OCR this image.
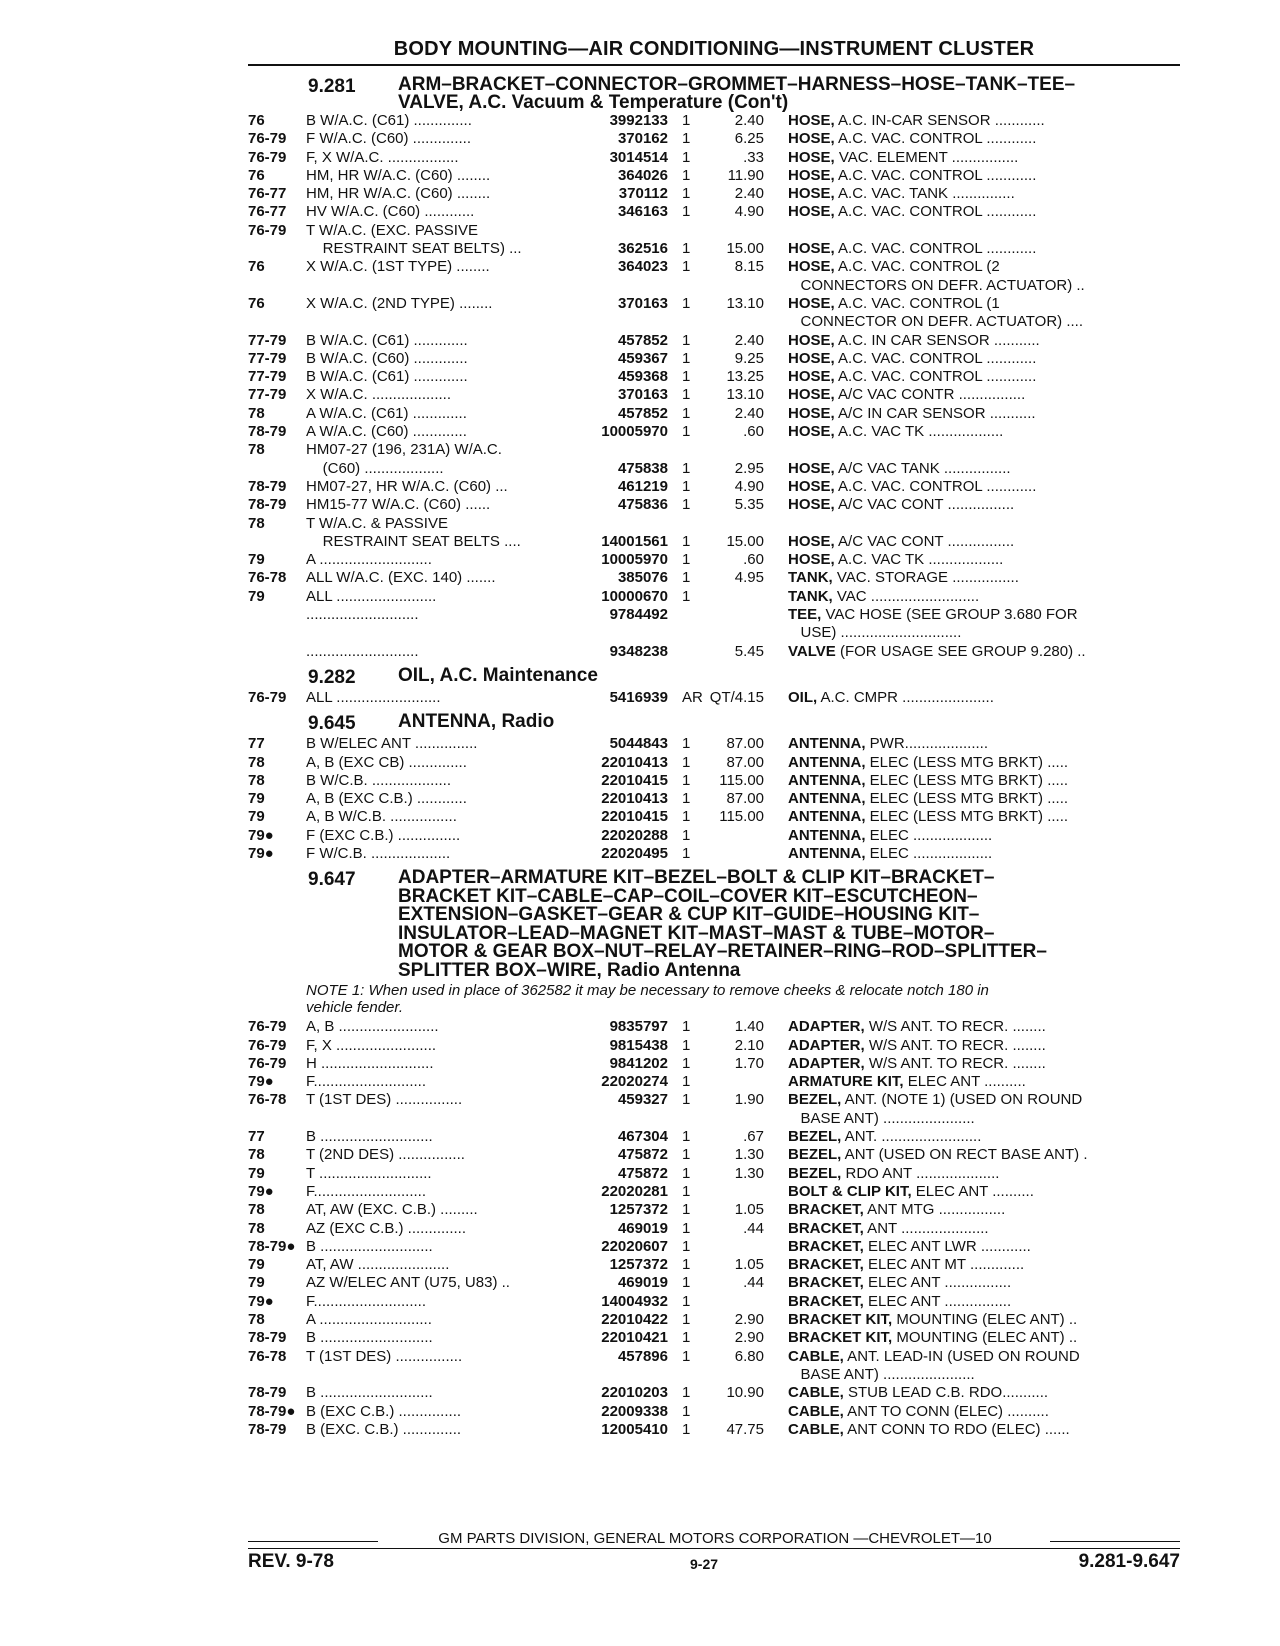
BODY MOUNTING—AIR CONDITIONING—INSTRUMENT CLUSTER
9.281	ARM–BRACKET–CONNECTOR–GROMMET–HARNESS–HOSE–TANK–TEE–
VALVE, A.C. Vacuum & Temperature (Con't)
76	B W/A.C. (C61) ..............	3992133 1	2.40	HOSE, A.C. IN-CAR SENSOR ............
76-79	F W/A.C. (C60) ..............	370162 1	6.25	HOSE, A.C. VAC. CONTROL ............
76-79	F, X W/A.C. .................	3014514 1	.33	HOSE, VAC. ELEMENT ................
76	HM, HR W/A.C. (C60) ........	364026 1	11.90	HOSE, A.C. VAC. CONTROL ............
76-77	HM, HR W/A.C. (C60) ........	370112 1	2.40	HOSE, A.C. VAC. TANK ...............
76-77	HV W/A.C. (C60) ............	346163 1	4.90	HOSE, A.C. VAC. CONTROL ............
76-79	T W/A.C. (EXC. PASSIVE
RESTRAINT SEAT BELTS) ...	362516 1	15.00	HOSE, A.C. VAC. CONTROL ............
76	X W/A.C. (1ST TYPE) ........	364023 1	8.15	HOSE, A.C. VAC. CONTROL (2
CONNECTORS ON DEFR. ACTUATOR) ..
76	X W/A.C. (2ND TYPE) ........	370163 1	13.10	HOSE, A.C. VAC. CONTROL (1
CONNECTOR ON DEFR. ACTUATOR) ....
77-79	B W/A.C. (C61) .............	457852 1	2.40	HOSE, A.C. IN CAR SENSOR ...........
77-79	B W/A.C. (C60) .............	459367 1	9.25	HOSE, A.C. VAC. CONTROL ............
77-79	B W/A.C. (C61) .............	459368 1	13.25	HOSE, A.C. VAC. CONTROL ............
77-79	X W/A.C. ...................	370163 1	13.10	HOSE, A/C VAC CONTR ................
78	A W/A.C. (C61) .............	457852 1	2.40	HOSE, A/C IN CAR SENSOR ...........
78-79	A W/A.C. (C60) .............	10005970 1	.60	HOSE, A.C. VAC TK ..................
78	HM07-27 (196, 231A) W/A.C.
(C60) ...................	475838 1	2.95	HOSE, A/C VAC TANK ................
78-79	HM07-27, HR W/A.C. (C60) ...	461219 1	4.90	HOSE, A.C. VAC. CONTROL ............
78-79	HM15-77 W/A.C. (C60) ......	475836 1	5.35	HOSE, A/C VAC CONT ................
78	T W/A.C. & PASSIVE
RESTRAINT SEAT BELTS ....	14001561 1	15.00	HOSE, A/C VAC CONT ................
79	A ...........................	10005970 1	.60	HOSE, A.C. VAC TK ..................
76-78	ALL W/A.C. (EXC. 140) .......	385076 1	4.95	TANK, VAC. STORAGE ................
79	ALL ........................	10000670 1	TANK, VAC ..........................
...........................	9784492	TEE, VAC HOSE (SEE GROUP 3.680 FOR
USE) .............................
...........................	9348238	5.45	VALVE (FOR USAGE SEE GROUP 9.280) ..
9.282	OIL, A.C. Maintenance
76-79	ALL .........................	5416939 AR QT/4.15	OIL, A.C. CMPR ......................
9.645	ANTENNA, Radio
77	B W/ELEC ANT ...............	5044843 1	87.00	ANTENNA, PWR....................
78	A, B (EXC CB) ..............	22010413 1	87.00	ANTENNA, ELEC (LESS MTG BRKT) .....
78	B W/C.B. ...................	22010415 1	115.00	ANTENNA, ELEC (LESS MTG BRKT) .....
79	A, B (EXC C.B.) ............	22010413 1	87.00	ANTENNA, ELEC (LESS MTG BRKT) .....
79	A, B W/C.B. ................	22010415 1	115.00	ANTENNA, ELEC (LESS MTG BRKT) .....
79●	F (EXC C.B.) ...............	22020288 1	ANTENNA, ELEC ...................
79●	F W/C.B. ...................	22020495 1	ANTENNA, ELEC ...................
9.647	ADAPTER–ARMATURE KIT–BEZEL–BOLT & CLIP KIT–BRACKET–
BRACKET KIT–CABLE–CAP–COIL–COVER KIT–ESCUTCHEON–
EXTENSION–GASKET–GEAR & CUP KIT–GUIDE–HOUSING KIT–
INSULATOR–LEAD–MAGNET KIT–MAST–MAST & TUBE–MOTOR–
MOTOR & GEAR BOX–NUT–RELAY–RETAINER–RING–ROD–SPLITTER–
SPLITTER BOX–WIRE, Radio Antenna
NOTE 1: When used in place of 362582 it may be necessary to remove cheeks & relocate notch 180 in
vehicle fender.
76-79	A, B ........................	9835797 1	1.40	ADAPTER, W/S ANT. TO RECR. ........
76-79	F, X ........................	9815438 1	2.10	ADAPTER, W/S ANT. TO RECR. ........
76-79	H ...........................	9841202 1	1.70	ADAPTER, W/S ANT. TO RECR. ........
79●	F...........................	22020274 1	ARMATURE KIT, ELEC ANT ..........
76-78	T (1ST DES) ................	459327 1	1.90	BEZEL, ANT. (NOTE 1) (USED ON ROUND
BASE ANT) ......................
77	B ...........................	467304 1	.67	BEZEL, ANT. ........................
78	T (2ND DES) ................	475872 1	1.30	BEZEL, ANT (USED ON RECT BASE ANT) .
79	T ...........................	475872 1	1.30	BEZEL, RDO ANT ....................
79●	F...........................	22020281 1	BOLT & CLIP KIT, ELEC ANT ..........
78	AT, AW (EXC. C.B.) .........	1257372 1	1.05	BRACKET, ANT MTG ................
78	AZ (EXC C.B.) ..............	469019 1	.44	BRACKET, ANT .....................
78-79● B ...........................	22020607 1	BRACKET, ELEC ANT LWR ............
79	AT, AW ......................	1257372 1	1.05	BRACKET, ELEC ANT MT .............
79	AZ W/ELEC ANT (U75, U83) ..	469019 1	.44	BRACKET, ELEC ANT ................
79●	F...........................	14004932 1	BRACKET, ELEC ANT ................
78	A ...........................	22010422 1	2.90	BRACKET KIT, MOUNTING (ELEC ANT) ..
78-79	B ...........................	22010421 1	2.90	BRACKET KIT, MOUNTING (ELEC ANT) ..
76-78	T (1ST DES) ................	457896 1	6.80	CABLE, ANT. LEAD-IN (USED ON ROUND
BASE ANT) ......................
78-79	B ...........................	22010203 1	10.90	CABLE, STUB LEAD C.B. RDO...........
78-79● B (EXC C.B.) ...............	22009338 1	CABLE, ANT TO CONN (ELEC) ..........
78-79	B (EXC. C.B.) ..............	12005410 1	47.75	CABLE, ANT CONN TO RDO (ELEC) ......
GM PARTS DIVISION, GENERAL MOTORS CORPORATION —CHEVROLET—10
REV. 9-78	9-27	9.281-9.647
